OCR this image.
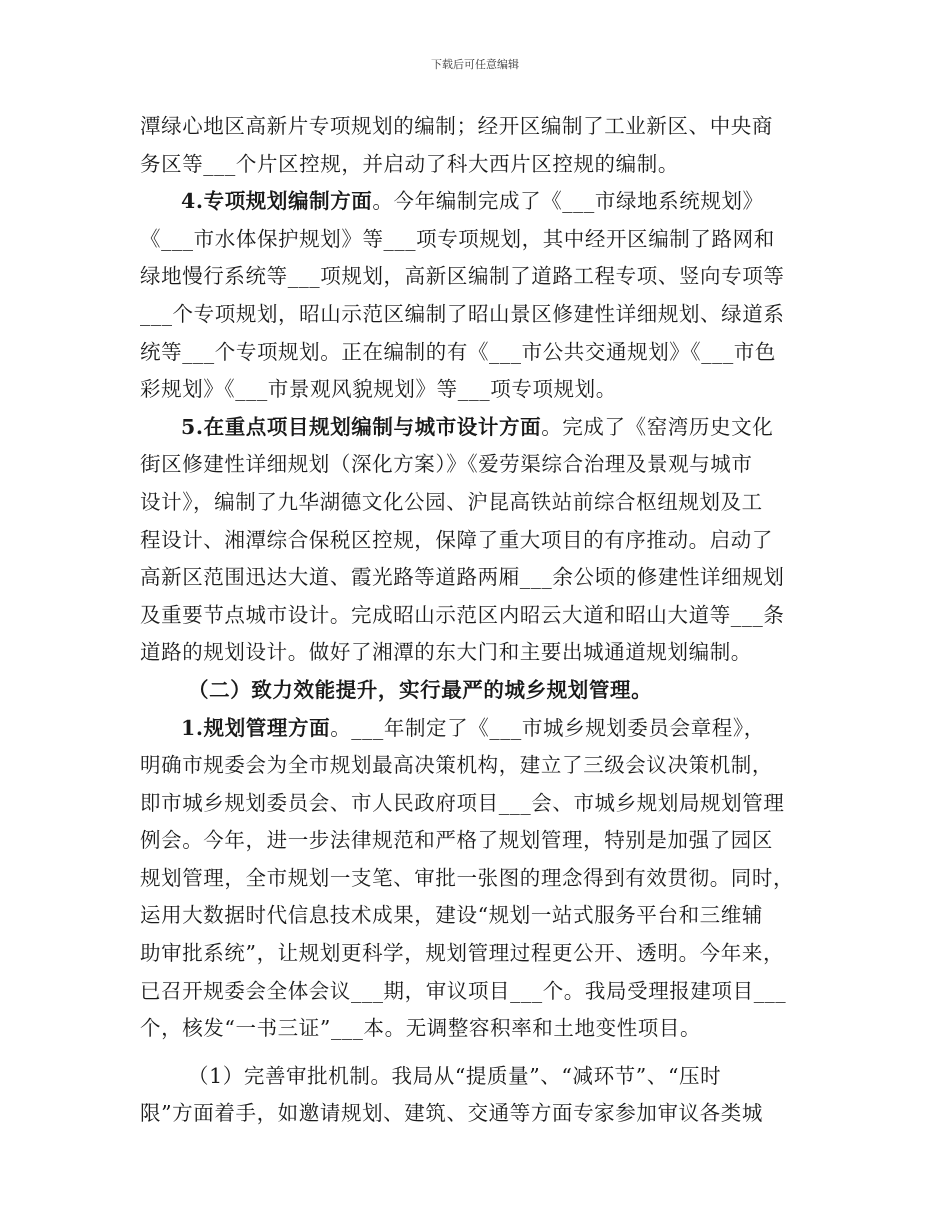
下载后可任意编辑
潭绿心地区高新片专项规划的编制；经开区编制了工业新区、中央商
务区等___个片区控规，并启动了科大西片区控规的编制。
4.专项规划编制方面。今年编制完成了《___市绿地系统规划》
《___市水体保护规划》等___项专项规划，其中经开区编制了路网和
绿地慢行系统等___项规划，高新区编制了道路工程专项、竖向专项等
___个专项规划，昭山示范区编制了昭山景区修建性详细规划、绿道系
统等___个专项规划。正在编制的有《___市公共交通规划》《___市色
彩规划》《___市景观风貌规划》等___项专项规划。
5.在重点项目规划编制与城市设计方面。完成了《窑湾历史文化
街区修建性详细规划（深化方案）》《爱劳渠综合治理及景观与城市
设计》，编制了九华湖德文化公园、沪昆高铁站前综合枢纽规划及工
程设计、湘潭综合保税区控规，保障了重大项目的有序推动。启动了
高新区范围迅达大道、霞光路等道路两厢___余公顷的修建性详细规划
及重要节点城市设计。完成昭山示范区内昭云大道和昭山大道等___条
道路的规划设计。做好了湘潭的东大门和主要出城通道规划编制。
（二）致力效能提升，实行最严的城乡规划管理。
1.规划管理方面。___年制定了《___市城乡规划委员会章程》，
明确市规委会为全市规划最高决策机构，建立了三级会议决策机制，
即市城乡规划委员会、市人民政府项目___会、市城乡规划局规划管理
例会。今年，进一步法律规范和严格了规划管理，特别是加强了园区
规划管理，全市规划一支笔、审批一张图的理念得到有效贯彻。同时，
运用大数据时代信息技术成果，建设“规划一站式服务平台和三维辅
助审批系统”，让规划更科学，规划管理过程更公开、透明。今年来，
已召开规委会全体会议___期，审议项目___个。我局受理报建项目___
个，核发“一书三证”___本。无调整容积率和土地变性项目。
（1）完善审批机制。我局从“提质量”、“减环节”、“压时
限”方面着手，如邀请规划、建筑、交通等方面专家参加审议各类城
